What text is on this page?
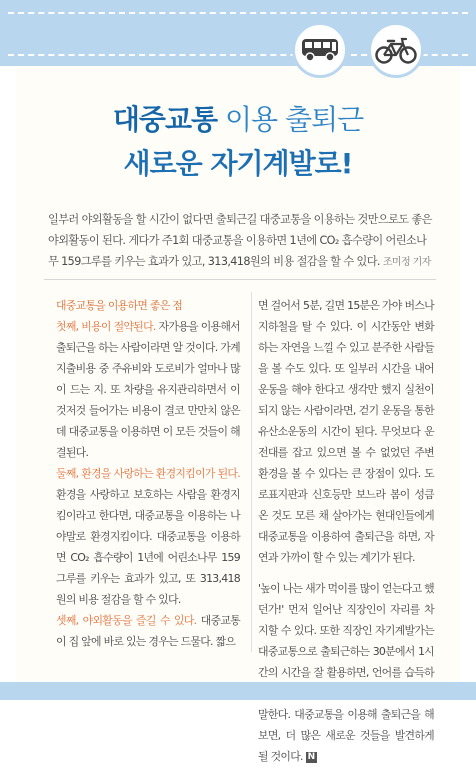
대중교통 이용 출퇴근
새로운 자기계발로!
일부러 야외활동을 할 시간이 없다면 출퇴근길 대중교통을 이용하는 것만으로도 좋은 야외활동이 된다. 게다가 주1회 대중교통을 이용하면 1년에 CO₂ 흡수량이 어린소나무 159그루를 키우는 효과가 있고, 313,418원의 비용 절감을 할 수 있다. 조미정 기자

대중교통을 이용하면 좋은 점

첫째, 비용이 절약된다. 자가용을 이용해서 출퇴근을 하는 사람이라면 알 것이다. 가계 지출비용 중 주유비와 도로비가 얼마나 많이 드는 지. 또 차량을 유지관리하면서 이것저것 들어가는 비용이 결코 만만치 않은데 대중교통을 이용하면 이 모든 것들이 해결된다.

둘째, 환경을 사랑하는 환경지킴이가 된다. 환경을 사랑하고 보호하는 사람을 환경지킴이라고 한다면, 대중교통을 이용하는 나야말로 환경지킴이다. 대중교통을 이용하면 CO₂ 흡수량이 1년에 어린소나무 159그루를 키우는 효과가 있고, 또 313,418원의 비용 절감을 할 수 있다.

셋째, 야외활동을 즐길 수 있다. 대중교통이 집 앞에 바로 있는 경우는 드물다. 짧으

면 걸어서 5분, 길면 15분은 가야 버스나 지하철을 탈 수 있다. 이 시간동안 변화하는 자연을 느낄 수 있고 분주한 사람들을 볼 수도 있다. 또 일부러 시간을 내어 운동을 해야 한다고 생각만 했지 실천이 되지 않는 사람이라면, 걷기 운동을 통한 유산소운동의 시간이 된다. 무엇보다 운전대를 잡고 있으면 볼 수 없었던 주변 환경을 볼 수 있다는 큰 장점이 있다. 도로표지판과 신호등만 보느라 봄이 성큼 온 것도 모른 채 살아가는 현대인들에게 대중교통을 이용하여 출퇴근을 하면, 자연과 가까이 할 수 있는 계기가 된다.

'높이 나는 새가 먹이를 많이 얻는다고 했던가!' 먼저 일어난 직장인이 자리를 차지할 수 있다. 또한 직장인 자기계발가는 대중교통으로 출퇴근하는 30분에서 1시간의 시간을 잘 활용하면, 언어를 습득하 말한다. 대중교통을 이용해 출퇴근을 해보면, 더 많은 새로운 것들을 발견하게 될 것이다. N
